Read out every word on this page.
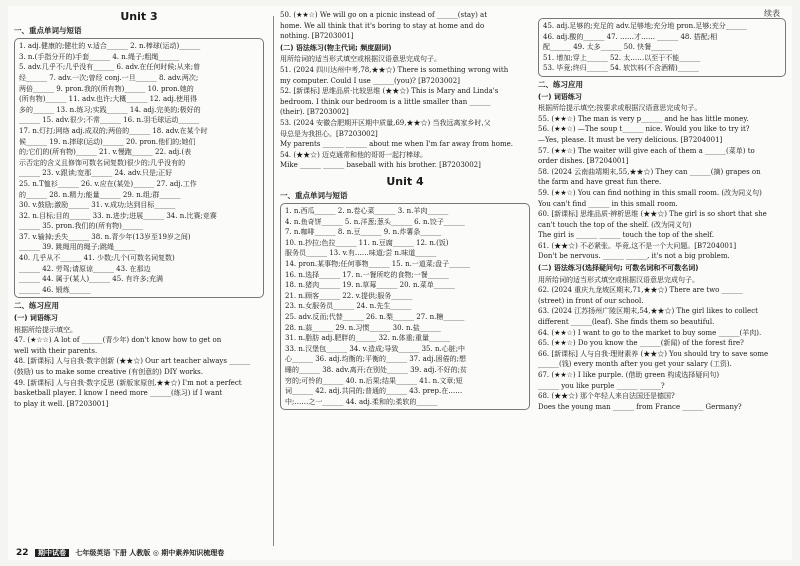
续表
Unit 3
一、重点单词与短语
1. adj.健康的;健壮的 v.适合______ 2. n.棒球(运动)______
3. n.(手指分开的)手套______ 4. n.绳子;粗绳______
5. adv.几乎不;几乎没有______ 6. adv.在任何时候;从来;曾
经______ 7. adv.一次;曾经 conj.一旦______ 8. adv.两次;
两倍______ 9. pron.我的(所有物)______ 10. pron.她的
(所有物)______ 11. adv.也许;大概______ 12. adj.使用得
多的______ 13. n.练习;实践______ 14. adj.完美的;极好的
______ 15. adv.很少;不常______ 16. n.羽毛球运动______
17. n.灯打;网络 adj.成双的;两倍的______ 18. adv.在某个时
候______ 19. n.摔球(运动)______ 20. pron.他们的;她们
的;它们的(所有物)______ 21. v.慢跑______ 22. adj.(表
示否定的含义且修饰可数名词复数)很少的;几乎没有的
______ 23. v.跟读;宽那______ 24. adv.只是;正好
25. n.T恤衫______ 26. v.应在(某处)______ 27. adj.工作
的______ 28. n.精力;能量______ 29. n.组;群______
30. v.鼓励;激励______ 31. v.成功;达到目标______
32. n.目标;目的______ 33. n.进步;进展______ 34. n.比赛;竞赛
______ 35. pron.我们的(所有物)______
37. v.输掉;丢失______ 38. n.青少年(13岁至19岁之间)
______ 39. 跳绳用的绳子;跳绳______
40. 几乎从不______ 41. 少数;几个(可数名词复数)
______ 42. 劳驾;请原谅______ 43. 在那边
______ 44. 属于(某人)______ 45. 有许多;充满
______ 46. 锻炼______
二、练习应用
(一) 词语练习
根据所给提示填空。
47. (★☆☆) A lot of ______(青少年) don't know how to get on
well with their parents.
48. [新课标] 人与自我·数字创新 (★★☆) Our art teacher always ______
(鼓励) us to make some creative (有创意的) DIY works.
49. [新课标] 人与自我·数字反思 (新版家原创,★★☆) I'm not a perfect
basketball player. I know I need more ______(练习) if I want
to play it well. [B7203001]
50. (★★☆) We will go on a picnic instead of ______(stay) at
home. We all think that it's boring to stay at home and do
nothing. [B7203001]
(二) 语法练习(物主代词; 频度副词)
用所给词的适当形式填空或根据汉语意思完成句子。
51. (2024 四川达州中考,78,★★☆) There is something wrong with
my computer. Could I use ______(you)? [B7203002]
52. [新课标] 思维品质·比较思维 (★★☆) This is Mary and Linda's
bedroom. I think our bedroom is a little smaller than ______
(their). [B7203002]
53. (2024 安徽合肥期开区期中质量,69,★★☆) 当我远离家乡时,父
母总是为我担心。[B7203002]
My parents ______ ______ about me when I'm far away from home.
54. (★★☆) 迈克通常和他的哥哥一起打棒球。
Mike ______ ______ baseball with his brother. [B7203002]
Unit 4
一、重点单词与短语
1. n.西瓜______ 2. n.卷心菜______ 3. n.羊肉______
4. n.鱼奇饼______ 5. n.洋葱;葱头______ 6. n.饺子______
7. n.咖啡______ 8. n.豆______ 9. n.炸薯条______
10. n.抄拉;色拉______ 11. n.豆腐______ 12. n.(饭)
服务员______ 13. v.有……味道;尝 n.味道______
14. pron.某事物;任何事物______ 15. n.一道菜;盘子______
16. n.选择______ 17. n.一餐所吃的食物;一餐______
18. n.猪肉______ 19. n.草莓______ 20. n.菜单______
21. n.顾客______ 22. v.提供;服务______
23. n.女服务员______ 24. n.先生______
25. adv.反而;代替______ 26. n.梨______ 27. n.糖______
28. n.蒜______ 29. n.习惯______ 30. n.盐______
31. n.脂肪 adj.肥胖的______ 32. n.体重;重量______
33. n.汉堡包______ 34. v.造成;导致______ 35. n.心脏;中
心______ 36. adj.均衡的;平衡的______ 37. adj.困倦的;想
睡的______ 38. adv.离开;在别处______ 39. adj.不好的;贫
穷的;可怜的______ 40. n.后果;结果______ 41. n.文章;短
词______ 42. adj.共同的;普通的______ 43. prep.在……
中;……之一______ 44. adj.柔和的;柔软的______
45. adj.足够的;充足的 adv.足够地;充分地 pron.足够;充分______
46. adj.酸的______ 47. ……才…… ______ 48. 搭配;相
配______ 49. 太多______ 50. 快餐______
51. 增加;穿上______ 52. 太……以至于不能______
53. 毕竟;终归______ 54. 软饮料(不含酒精)______
二、练习应用
(一) 词语练习
根据所给提示填空;按要求或根据汉语意思完成句子。
55. (★★☆) The man is very p______ and he has little money.
56. (★★☆) —The soup t______ nice. Would you like to try it?
—Yes, please. It must be very delicious. [B7204001]
57. (★★☆) The waiter will give each of them a ______(菜单) to
order dishes. [B7204001]
58. (2024 云南曲靖期末,55,★★☆) They can ______(摘) grapes on
the farm and have great fun there.
59. (★★☆) You can find nothing in this small room. (改为同义句)
You can't find ______ in this small room.
60. [新课标] 思维品质·辨析思维 (★★☆) The girl is so short that she
can't touch the top of the shelf. (改为同义句)
The girl is ______ ______ touch the top of the shelf.
61. (★★☆) 不必紧张。毕竟,这不是一个大问题。[B7204001]
Don't be nervous. ______ ______, it's not a big problem.
(二) 语法练习(选择疑问句; 可数名词和不可数名词)
用所给词的适当形式填空或根据汉语意思完成句子。
62. (2024 重庆九龙坡区期末,71,★★☆) There are two ______
(street) in front of our school.
63. (2024 江苏扬州广陵区期末,54,★★☆) The girl likes to collect
different ______(leaf). She finds them so beautiful.
64. (★★☆) I want to go to the market to buy some ______(羊肉).
65. (★★☆) Do you know the ______(新闻) of the forest fire?
66. [新课标] 人与自我·理财素养 (★★☆) You should try to save some
______(钱) every month after you get your salary (工资).
67. (★★☆) I like purple. (借助 green 构成选择疑问句)
______ you like purple ______ ______?
68. (★★☆) 那个年轻人来自法国还是德国?
Does the young man ______ from France ______ Germany?
22 期中试卷 七年级英语 下册 人教版 ◎ 期中素养知识梳理卷
